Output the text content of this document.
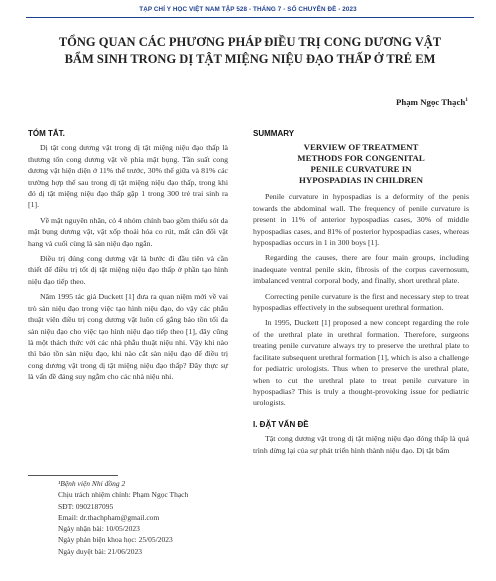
TẠP CHÍ Y HỌC VIỆT NAM TẬP 528 - THÁNG 7 - SỐ CHUYÊN ĐỀ - 2023
TỔNG QUAN CÁC PHƯƠNG PHÁP ĐIỀU TRỊ CONG DƯƠNG VẬT
BẨM SINH TRONG DỊ TẬT MIỆNG NIỆU ĐẠO THẤP Ở TRẺ EM
Phạm Ngọc Thạch$^1$
TÓM TẮT.

Dị tật cong dương vật trong dị tật miệng niệu đạo thấp là thương tổn cong dương vật về phía mặt bụng. Tần suất cong dương vật hiện diện ở 11% thể trước, 30% thể giữa và 81% các trường hợp thể sau trong dị tật miệng niệu đạo thấp, trong khi đó dị tật miệng niệu đạo thấp gặp 1 trong 300 trẻ trai sinh ra [1].

Về mặt nguyên nhân, có 4 nhóm chính bao gồm thiếu sót da mặt bụng dương vật, vật xốp thoái hóa co rút, mất cân đối vật hang và cuối cùng là sàn niệu đạo ngắn.

Điều trị đúng cong dương vật là bước đi đầu tiên và cần thiết để điều trị tốt dị tật miệng niệu đạo thấp ở phần tạo hình niệu đạo tiếp theo.

Năm 1995 tác giả Duckett [1] đưa ra quan niệm mới về vai trò sàn niệu đạo trong việc tạo hình niệu đạo, do vậy các phẫu thuật viên điều trị cong dương vật luôn cố gắng bảo tồn tối đa sàn niệu đạo cho việc tạo hình niệu đạo tiếp theo [1], đây cũng là một thách thức với các nhà phẫu thuật niệu nhi. Vậy khi nào thì bảo tồn sàn niệu đạo, khi nào cắt sàn niệu đạo để điều trị cong dương vật trong dị tật miệng niệu đạo thấp? Đây thực sự là vấn đề đáng suy ngẫm cho các nhà niệu nhi.

SUMMARY
VERVIEW OF TREATMENT
METHODS FOR CONGENITAL
PENILE CURVATURE IN
HYPOSPADIAS IN CHILDREN

Penile curvature in hypospadias is a deformity of the penis towards the abdominal wall. The frequency of penile curvature is present in 11% of anterior hypospadias cases, 30% of middle hypospadias cases, and 81% of posterior hypospadias cases, whereas hypospadias occurs in 1 in 300 boys [1].

Regarding the causes, there are four main groups, including inadequate ventral penile skin, fibrosis of the corpus cavernosum, imbalanced ventral corporal body, and finally, short urethral plate.

Correcting penile curvature is the first and necessary step to treat hypospadias effectively in the subsequent urethral formation.

In 1995, Duckett [1] proposed a new concept regarding the role of the urethral plate in urethral formation. Therefore, surgeons treating penile curvature always try to preserve the urethral plate to facilitate subsequent urethral formation [1], which is also a challenge for pediatric urologists. Thus when to preserve the urethral plate, when to cut the urethral plate to treat penile curvature in hypospadias? This is truly a thought-provoking issue for pediatric urologists.

I. ĐẶT VẤN ĐỀ

Tật cong dương vật trong dị tật miệng niệu đạo đóng thấp là quá trình dừng lại của sự phát triển hình thành niệu đạo. Dị tật bẩm

¹Bệnh viện Nhi đồng 2
Chịu trách nhiệm chính: Phạm Ngọc Thạch
SĐT: 0902187095
Email: dr.thachpham@gmail.com
Ngày nhận bài: 10/05/2023
Ngày phản biện khoa học: 25/05/2023
Ngày duyệt bài: 21/06/2023
